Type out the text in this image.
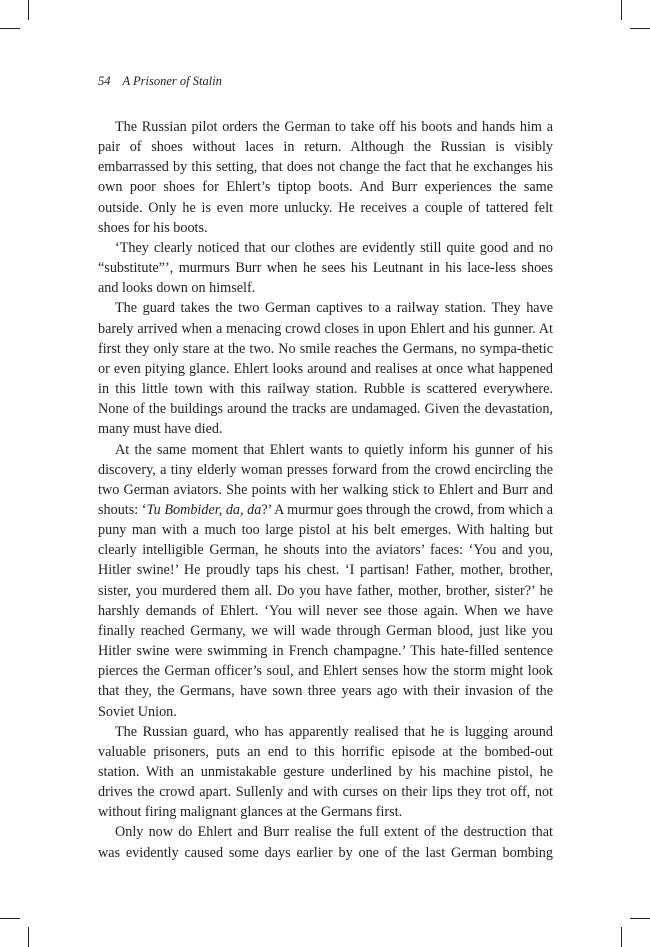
54 A Prisoner of Stalin

The Russian pilot orders the German to take off his boots and hands him a pair of shoes without laces in return. Although the Russian is visibly embarrassed by this setting, that does not change the fact that he exchanges his own poor shoes for Ehlert’s tiptop boots. And Burr experiences the same outside. Only he is even more unlucky. He receives a couple of tattered felt shoes for his boots.

‘They clearly noticed that our clothes are evidently still quite good and no “substitute”’, murmurs Burr when he sees his Leutnant in his lace-less shoes and looks down on himself.

The guard takes the two German captives to a railway station. They have barely arrived when a menacing crowd closes in upon Ehlert and his gunner. At first they only stare at the two. No smile reaches the Germans, no sympa-thetic or even pitying glance. Ehlert looks around and realises at once what happened in this little town with this railway station. Rubble is scattered everywhere. None of the buildings around the tracks are undamaged. Given the devastation, many must have died.

At the same moment that Ehlert wants to quietly inform his gunner of his discovery, a tiny elderly woman presses forward from the crowd encircling the two German aviators. She points with her walking stick to Ehlert and Burr and shouts: ‘Tu Bombider, da, da?’ A murmur goes through the crowd, from which a puny man with a much too large pistol at his belt emerges. With halting but clearly intelligible German, he shouts into the aviators’ faces: ‘You and you, Hitler swine!’ He proudly taps his chest. ‘I partisan! Father, mother, brother, sister, you murdered them all. Do you have father, mother, brother, sister?’ he harshly demands of Ehlert. ‘You will never see those again. When we have finally reached Germany, we will wade through German blood, just like you Hitler swine were swimming in French champagne.’ This hate-filled sentence pierces the German officer’s soul, and Ehlert senses how the storm might look that they, the Germans, have sown three years ago with their invasion of the Soviet Union.

The Russian guard, who has apparently realised that he is lugging around valuable prisoners, puts an end to this horrific episode at the bombed-out station. With an unmistakable gesture underlined by his machine pistol, he drives the crowd apart. Sullenly and with curses on their lips they trot off, not without firing malignant glances at the Germans first.

Only now do Ehlert and Burr realise the full extent of the destruction that was evidently caused some days earlier by one of the last German bombing
